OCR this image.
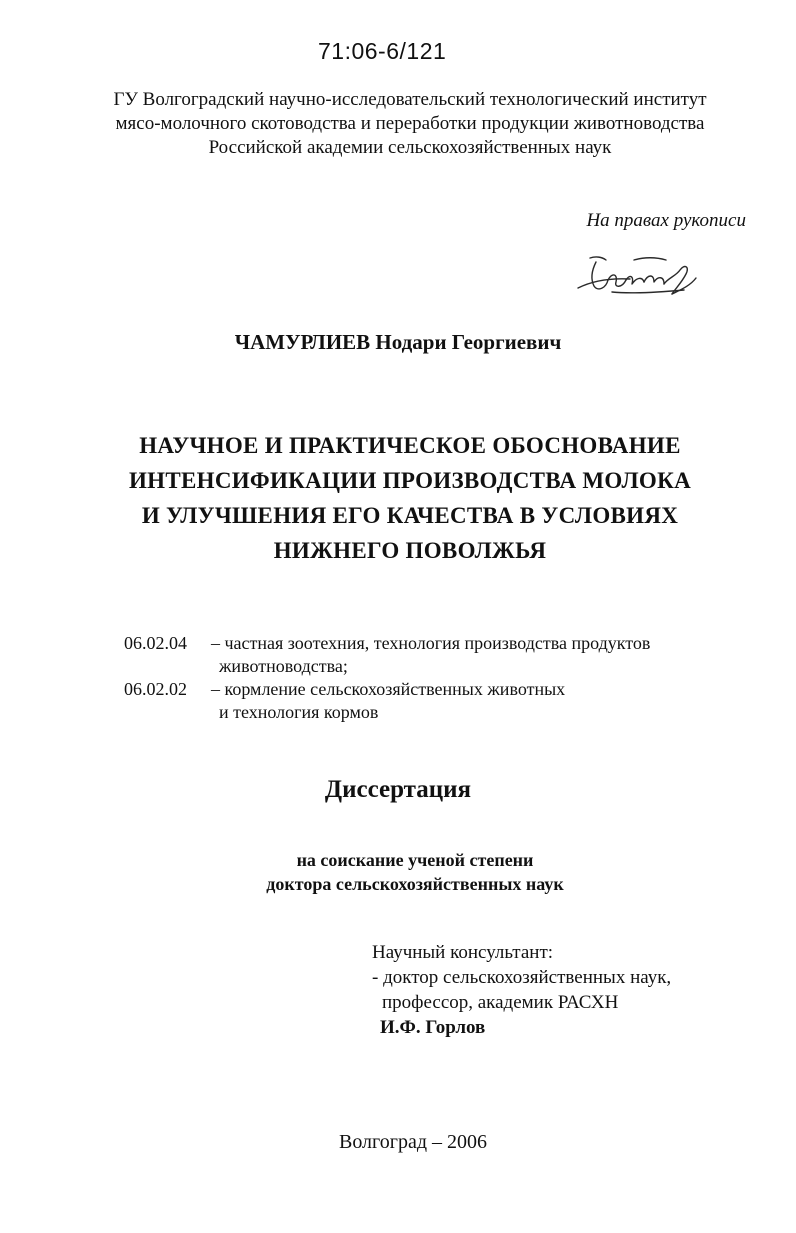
71:06-6/121
ГУ Волгоградский научно-исследовательский технологический институт
мясо-молочного скотоводства и переработки продукции животноводства
Российской академии сельскохозяйственных наук
На правах рукописи
ЧАМУРЛИЕВ Нодари Георгиевич
НАУЧНОЕ И ПРАКТИЧЕСКОЕ ОБОСНОВАНИЕ
ИНТЕНСИФИКАЦИИ ПРОИЗВОДСТВА МОЛОКА
И УЛУЧШЕНИЯ ЕГО КАЧЕСТВА В УСЛОВИЯХ
НИЖНЕГО ПОВОЛЖЬЯ
06.02.04	– частная зоотехния, технология производства продуктов
животноводства;
06.02.02	– кормление сельскохозяйственных животных
и технология кормов
Диссертация
на соискание ученой степени
доктора сельскохозяйственных наук
Научный консультант:
- доктор сельскохозяйственных наук,
профессор, академик РАСХН
И.Ф. Горлов
Волгоград – 2006
